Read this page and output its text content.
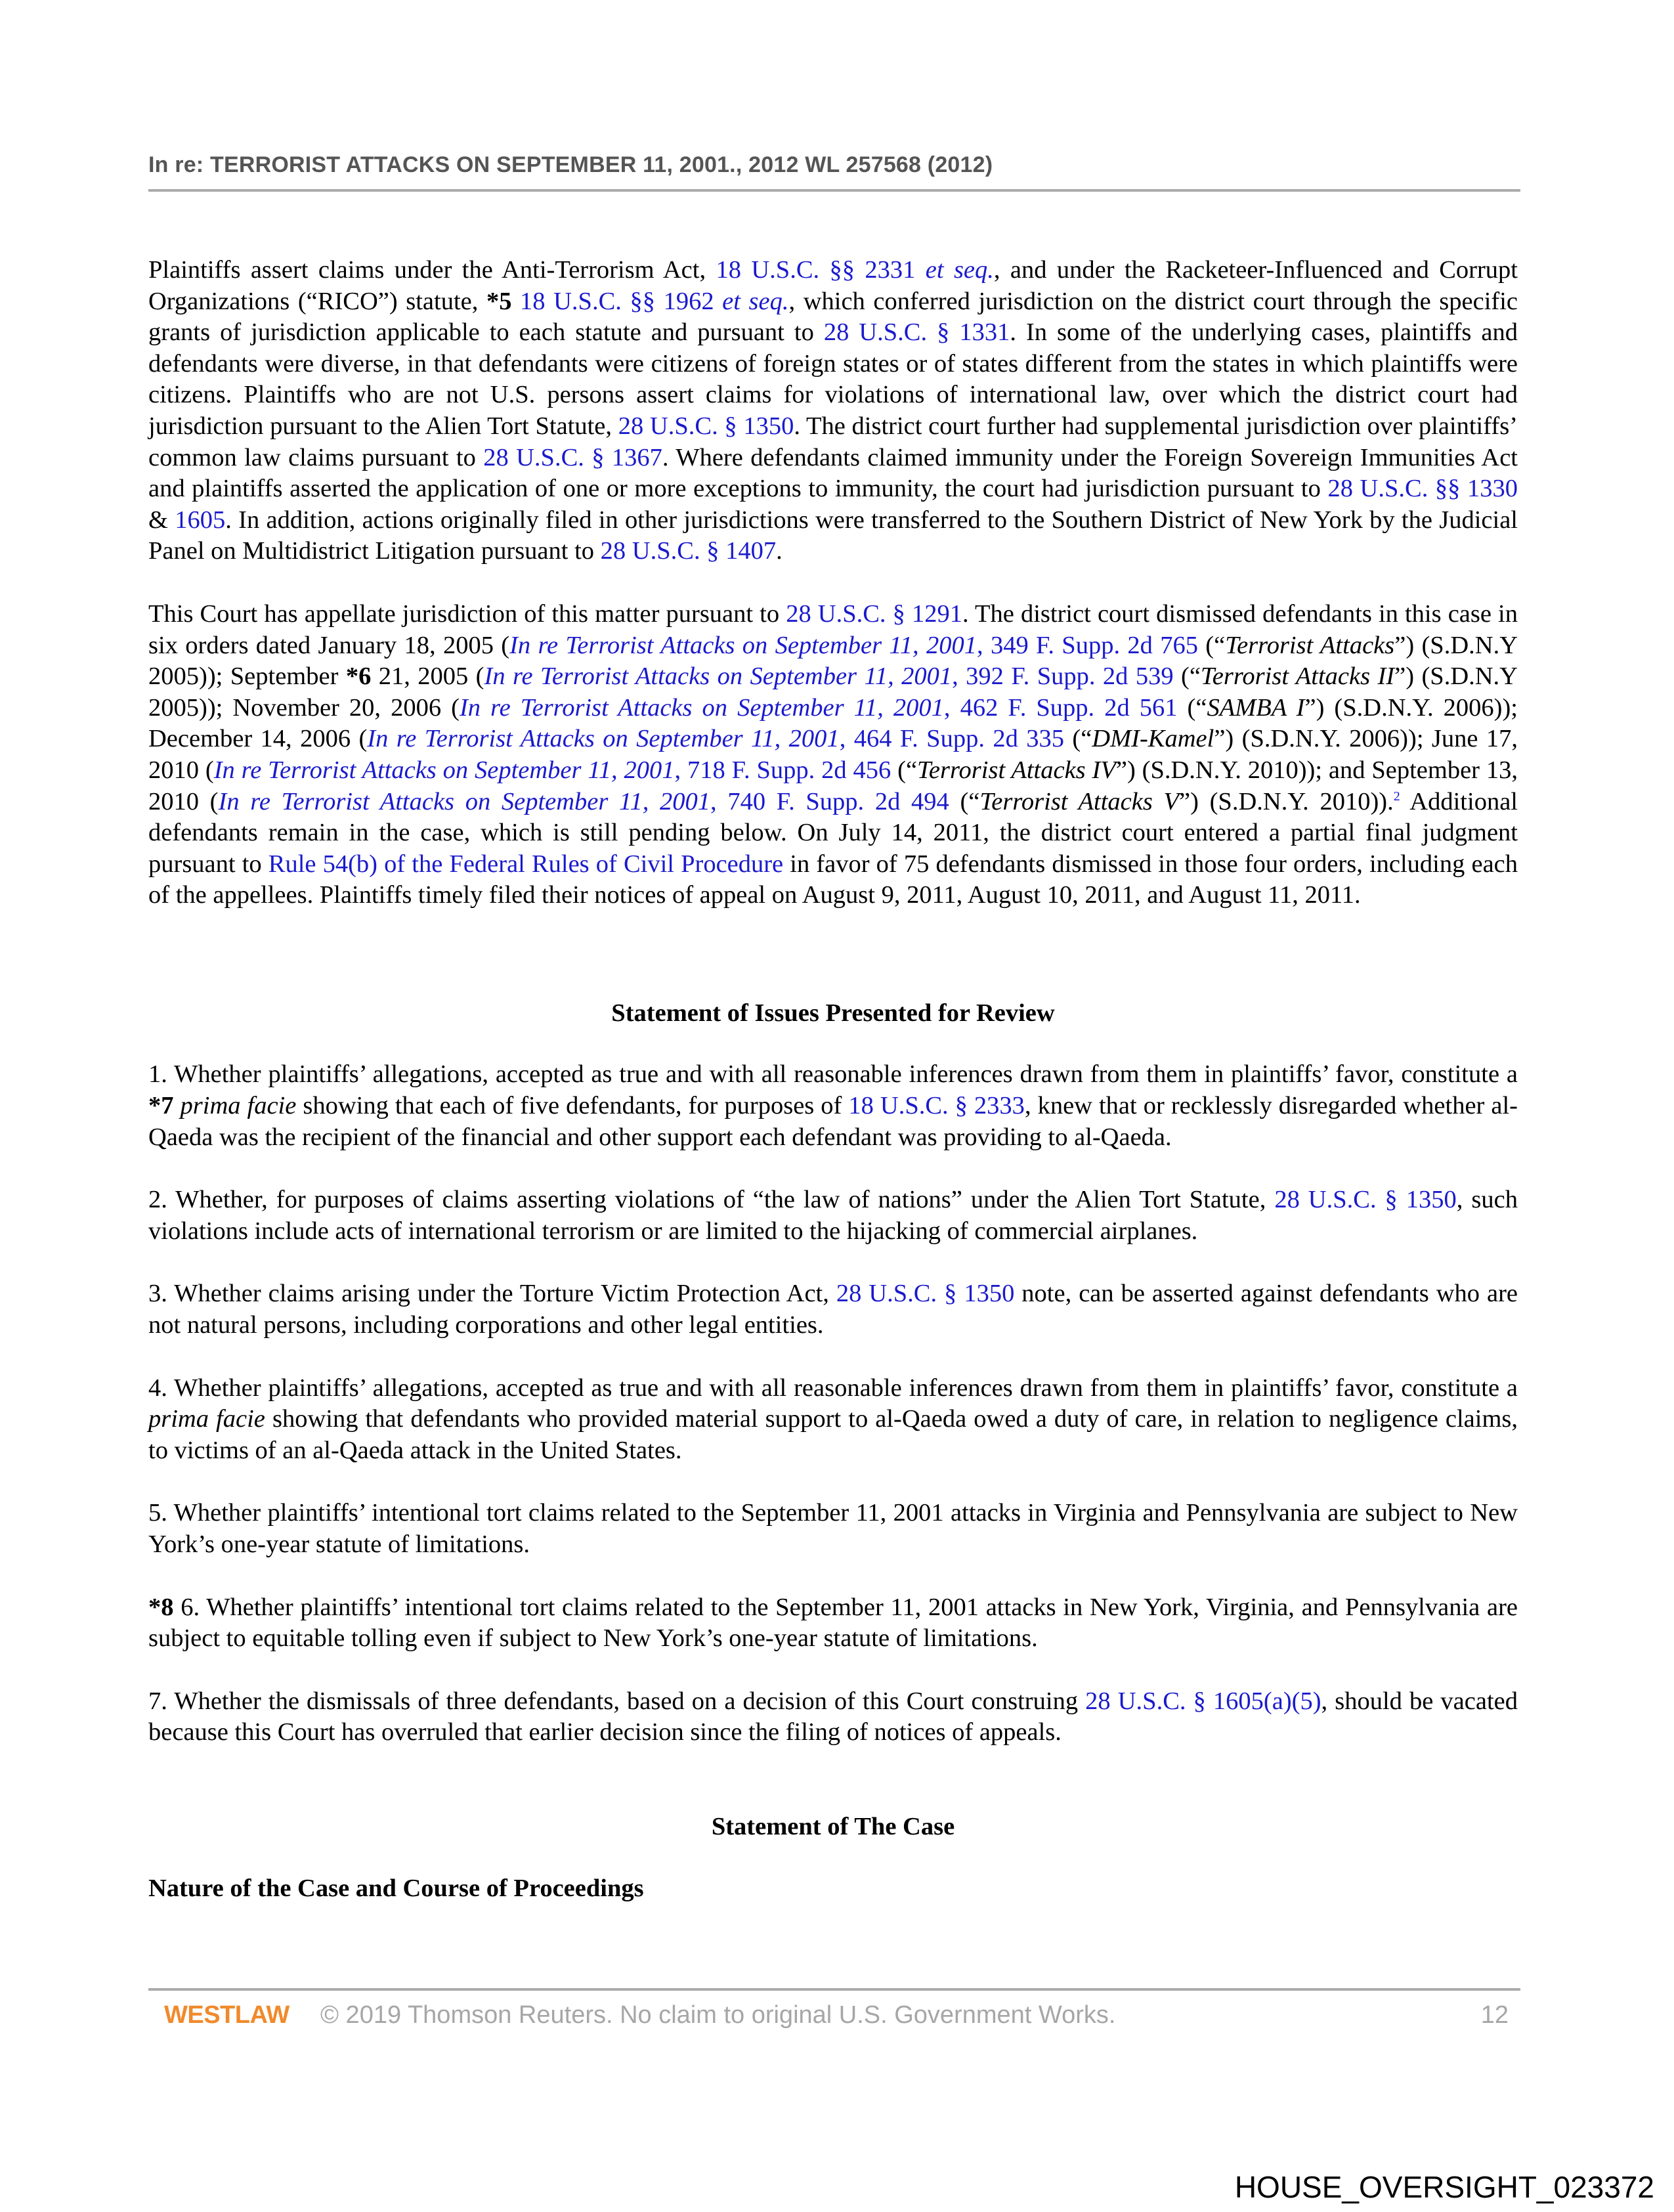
In re: TERRORIST ATTACKS ON SEPTEMBER 11, 2001., 2012 WL 257568 (2012)

Plaintiffs assert claims under the Anti-Terrorism Act, 18 U.S.C. §§ 2331 et seq., and under the Racketeer-Influenced and Corrupt Organizations (“RICO”) statute, *5 18 U.S.C. §§ 1962 et seq., which conferred jurisdiction on the district court through the specific grants of jurisdiction applicable to each statute and pursuant to 28 U.S.C. § 1331. In some of the underlying cases, plaintiffs and defendants were diverse, in that defendants were citizens of foreign states or of states different from the states in which plaintiffs were citizens. Plaintiffs who are not U.S. persons assert claims for violations of international law, over which the district court had jurisdiction pursuant to the Alien Tort Statute, 28 U.S.C. § 1350. The district court further had supplemental jurisdiction over plaintiffs’ common law claims pursuant to 28 U.S.C. § 1367. Where defendants claimed immunity under the Foreign Sovereign Immunities Act and plaintiffs asserted the application of one or more exceptions to immunity, the court had jurisdiction pursuant to 28 U.S.C. §§ 1330 & 1605. In addition, actions originally filed in other jurisdictions were transferred to the Southern District of New York by the Judicial Panel on Multidistrict Litigation pursuant to 28 U.S.C. § 1407.

This Court has appellate jurisdiction of this matter pursuant to 28 U.S.C. § 1291. The district court dismissed defendants in this case in six orders dated January 18, 2005 (In re Terrorist Attacks on September 11, 2001, 349 F. Supp. 2d 765 (“Terrorist Attacks”) (S.D.N.Y 2005)); September *6 21, 2005 (In re Terrorist Attacks on September 11, 2001, 392 F. Supp. 2d 539 (“Terrorist Attacks II”) (S.D.N.Y 2005)); November 20, 2006 (In re Terrorist Attacks on September 11, 2001, 462 F. Supp. 2d 561 (“SAMBA I”) (S.D.N.Y. 2006)); December 14, 2006 (In re Terrorist Attacks on September 11, 2001, 464 F. Supp. 2d 335 (“DMI-Kamel”) (S.D.N.Y. 2006)); June 17, 2010 (In re Terrorist Attacks on September 11, 2001, 718 F. Supp. 2d 456 (“Terrorist Attacks IV”) (S.D.N.Y. 2010)); and September 13, 2010 (In re Terrorist Attacks on September 11, 2001, 740 F. Supp. 2d 494 (“Terrorist Attacks V”) (S.D.N.Y. 2010)).$^2$ Additional defendants remain in the case, which is still pending below. On July 14, 2011, the district court entered a partial final judgment pursuant to Rule 54(b) of the Federal Rules of Civil Procedure in favor of 75 defendants dismissed in those four orders, including each of the appellees. Plaintiffs timely filed their notices of appeal on August 9, 2011, August 10, 2011, and August 11, 2011.

Statement of Issues Presented for Review

1. Whether plaintiffs’ allegations, accepted as true and with all reasonable inferences drawn from them in plaintiffs’ favor, constitute a *7 prima facie showing that each of five defendants, for purposes of 18 U.S.C. § 2333, knew that or recklessly disregarded whether al-Qaeda was the recipient of the financial and other support each defendant was providing to al-Qaeda.

2. Whether, for purposes of claims asserting violations of “the law of nations” under the Alien Tort Statute, 28 U.S.C. § 1350, such violations include acts of international terrorism or are limited to the hijacking of commercial airplanes.

3. Whether claims arising under the Torture Victim Protection Act, 28 U.S.C. § 1350 note, can be asserted against defendants who are not natural persons, including corporations and other legal entities.

4. Whether plaintiffs’ allegations, accepted as true and with all reasonable inferences drawn from them in plaintiffs’ favor, constitute a prima facie showing that defendants who provided material support to al-Qaeda owed a duty of care, in relation to negligence claims, to victims of an al-Qaeda attack in the United States.

5. Whether plaintiffs’ intentional tort claims related to the September 11, 2001 attacks in Virginia and Pennsylvania are subject to New York’s one-year statute of limitations.

*8 6. Whether plaintiffs’ intentional tort claims related to the September 11, 2001 attacks in New York, Virginia, and Pennsylvania are subject to equitable tolling even if subject to New York’s one-year statute of limitations.

7. Whether the dismissals of three defendants, based on a decision of this Court construing 28 U.S.C. § 1605(a)(5), should be vacated because this Court has overruled that earlier decision since the filing of notices of appeals.

Statement of The Case
Nature of the Case and Course of Proceedings
WESTLAW © 2019 Thomson Reuters. No claim to original U.S. Government Works.	12
HOUSE_OVERSIGHT_023372
